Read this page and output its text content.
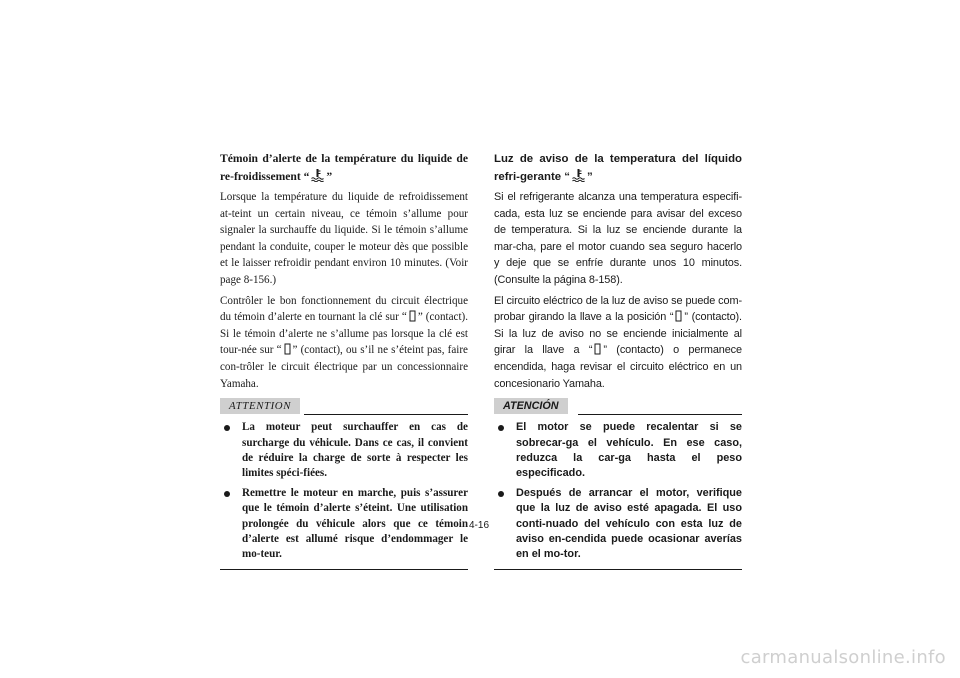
Témoin d’alerte de la température du liquide de re-froidissement “ ”

Lorsque la température du liquide de refroidissement at-teint un certain niveau, ce témoin s’allume pour signaler la surchauffe du liquide. Si le témoin s’allume pendant la conduite, couper le moteur dès que possible et le laisser refroidir pendant environ 10 minutes. (Voir page 8-156.)

Contrôler le bon fonctionnement du circuit électrique du témoin d’alerte en tournant la clé sur “ ” (contact). Si le témoin d’alerte ne s’allume pas lorsque la clé est tour-née sur “ ” (contact), ou s’il ne s’éteint pas, faire con-trôler le circuit électrique par un concessionnaire Yamaha.

ATTENTION
La moteur peut surchauffer en cas de surcharge du véhicule. Dans ce cas, il convient de réduire la charge de sorte à respecter les limites spéci-fiées.
Remettre le moteur en marche, puis s’assurer que le témoin d’alerte s’éteint. Une utilisation prolongée du véhicule alors que ce témoin d’alerte est allumé risque d’endommager le mo-teur.
Luz de aviso de la temperatura del líquido refri-gerante “ ”

Si el refrigerante alcanza una temperatura especifi-cada, esta luz se enciende para avisar del exceso de temperatura. Si la luz se enciende durante la mar-cha, pare el motor cuando sea seguro hacerlo y deje que se enfríe durante unos 10 minutos. (Consulte la página 8-158).

El circuito eléctrico de la luz de aviso se puede com-probar girando la llave a la posición “ ” (contacto). Si la luz de aviso no se enciende inicialmente al girar la llave a “ ” (contacto) o permanece encendida, haga revisar el circuito eléctrico en un concesionario Yamaha.

ATENCIÓN
El motor se puede recalentar si se sobrecar-ga el vehículo. En ese caso, reduzca la car-ga hasta el peso especificado.
Después de arrancar el motor, verifique que la luz de aviso esté apagada. El uso conti-nuado del vehículo con esta luz de aviso en-cendida puede ocasionar averías en el mo-tor.
4-16
carmanualsonline.info
